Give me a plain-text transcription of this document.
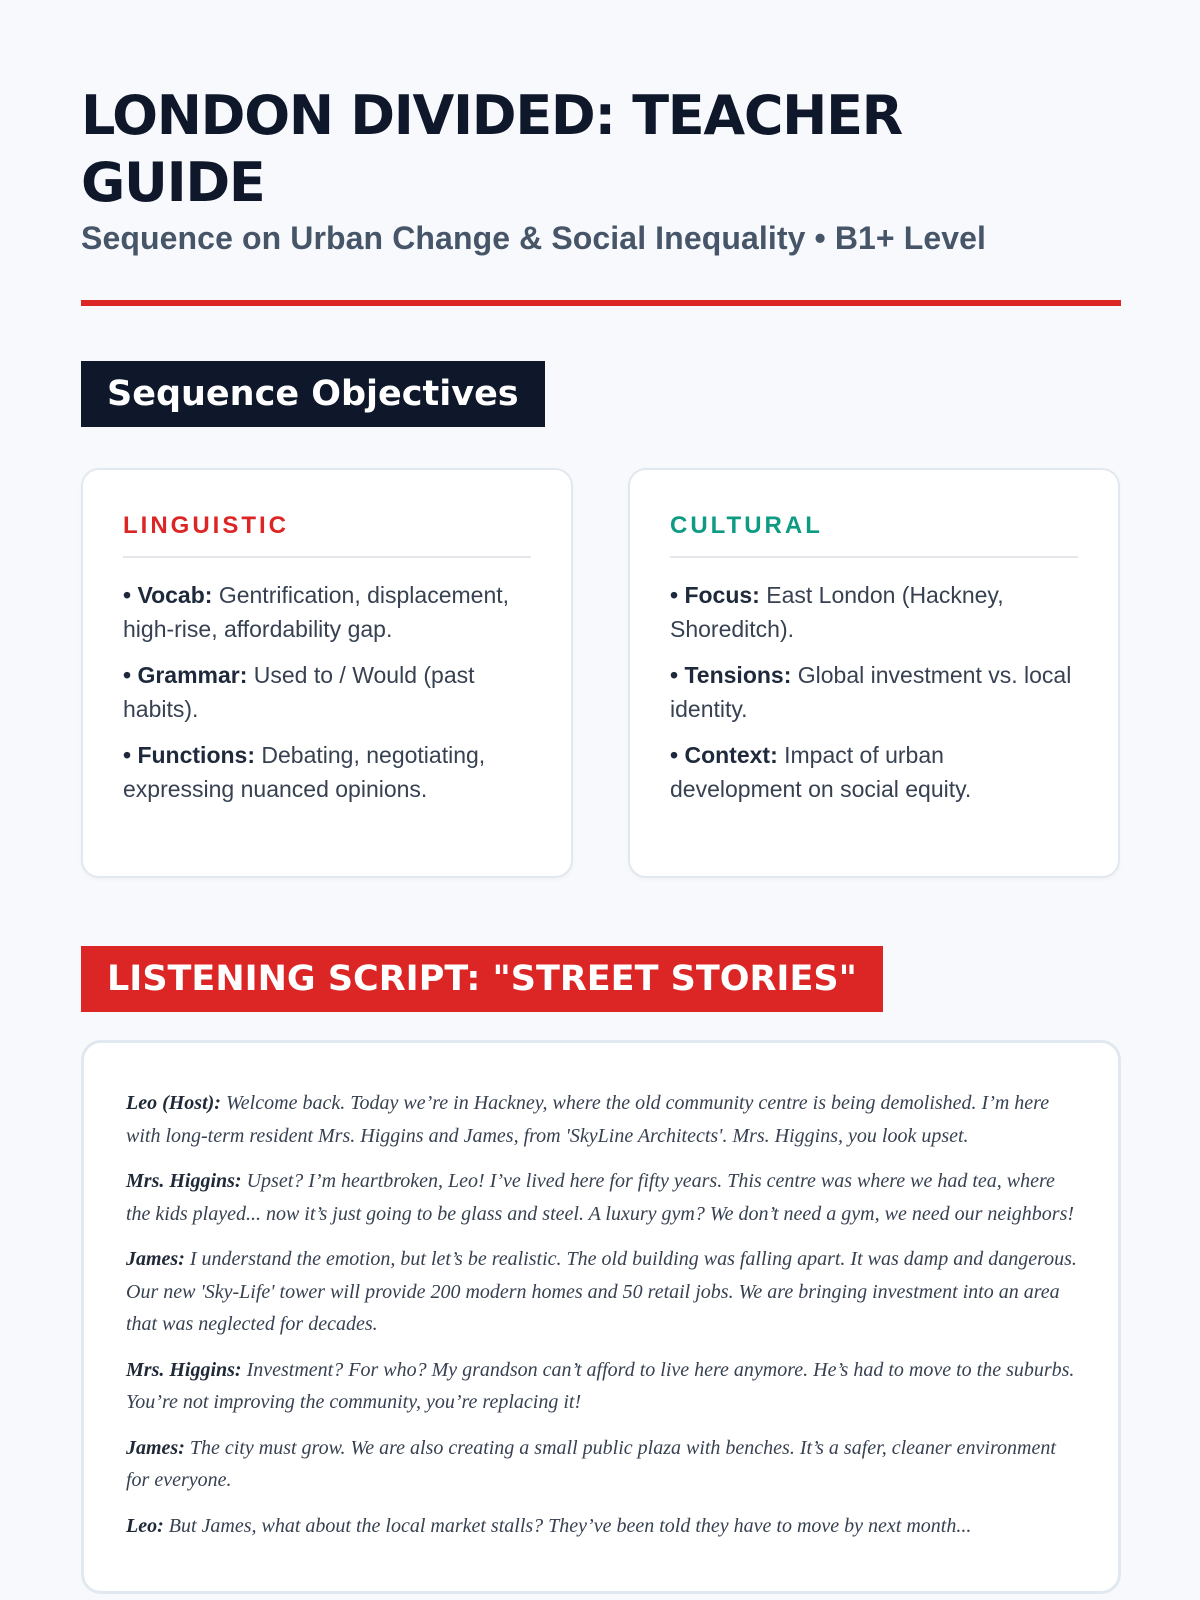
LONDON DIVIDED: TEACHER GUIDE
Sequence on Urban Change & Social Inequality • B1+ Level
Sequence Objectives
LINGUISTIC
• Vocab: Gentrification, displacement, high-rise, affordability gap.
• Grammar: Used to / Would (past habits).
• Functions: Debating, negotiating, expressing nuanced opinions.
CULTURAL
• Focus: East London (Hackney, Shoreditch).
• Tensions: Global investment vs. local identity.
• Context: Impact of urban development on social equity.
LISTENING SCRIPT: "STREET STORIES"

Leo (Host): Welcome back. Today we’re in Hackney, where the old community centre is being demolished. I’m here with long-term resident Mrs. Higgins and James, from 'SkyLine Architects'. Mrs. Higgins, you look upset.

Mrs. Higgins: Upset? I’m heartbroken, Leo! I’ve lived here for fifty years. This centre was where we had tea, where the kids played... now it’s just going to be glass and steel. A luxury gym? We don’t need a gym, we need our neighbors!

James: I understand the emotion, but let’s be realistic. The old building was falling apart. It was damp and dangerous. Our new 'Sky-Life' tower will provide 200 modern homes and 50 retail jobs. We are bringing investment into an area that was neglected for decades.

Mrs. Higgins: Investment? For who? My grandson can’t afford to live here anymore. He’s had to move to the suburbs. You’re not improving the community, you’re replacing it!

James: The city must grow. We are also creating a small public plaza with benches. It’s a safer, cleaner environment for everyone.

Leo: But James, what about the local market stalls? They’ve been told they have to move by next month...
